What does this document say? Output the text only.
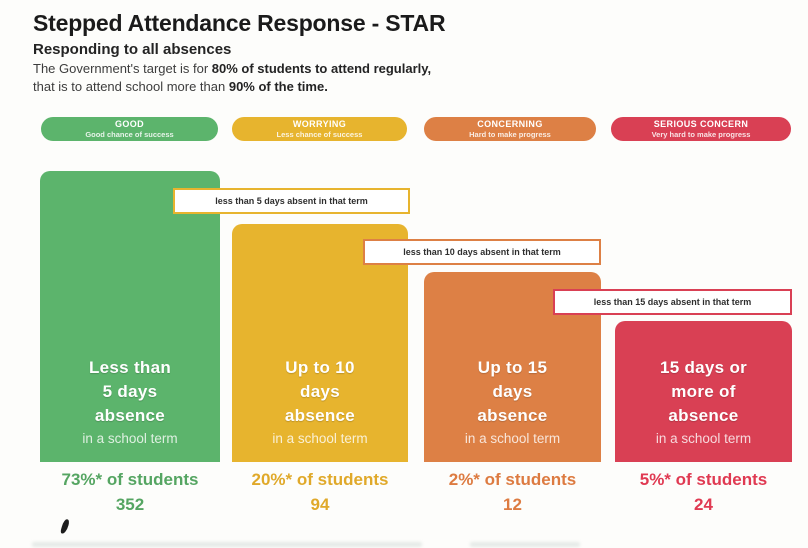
Stepped Attendance Response - STAR
Responding to all absences
The Government's target is for 80% of students to attend regularly,
that is to attend school more than 90% of the time.
GOOD
Good chance of success
WORRYING
Less chance of success
CONCERNING
Hard to make progress
SERIOUS CONCERN
Very hard to make progress
less than 5 days absent in that term
less than 10 days absent in that term
less than 15 days absent in that term
Less than
5 days
absence
in a school term
Up to 10
days
absence
in a school term
Up to 15
days
absence
in a school term
15 days or
more of
absence
in a school term
73%* of students
352
20%* of students
94
2%* of students
12
5%* of students
24
